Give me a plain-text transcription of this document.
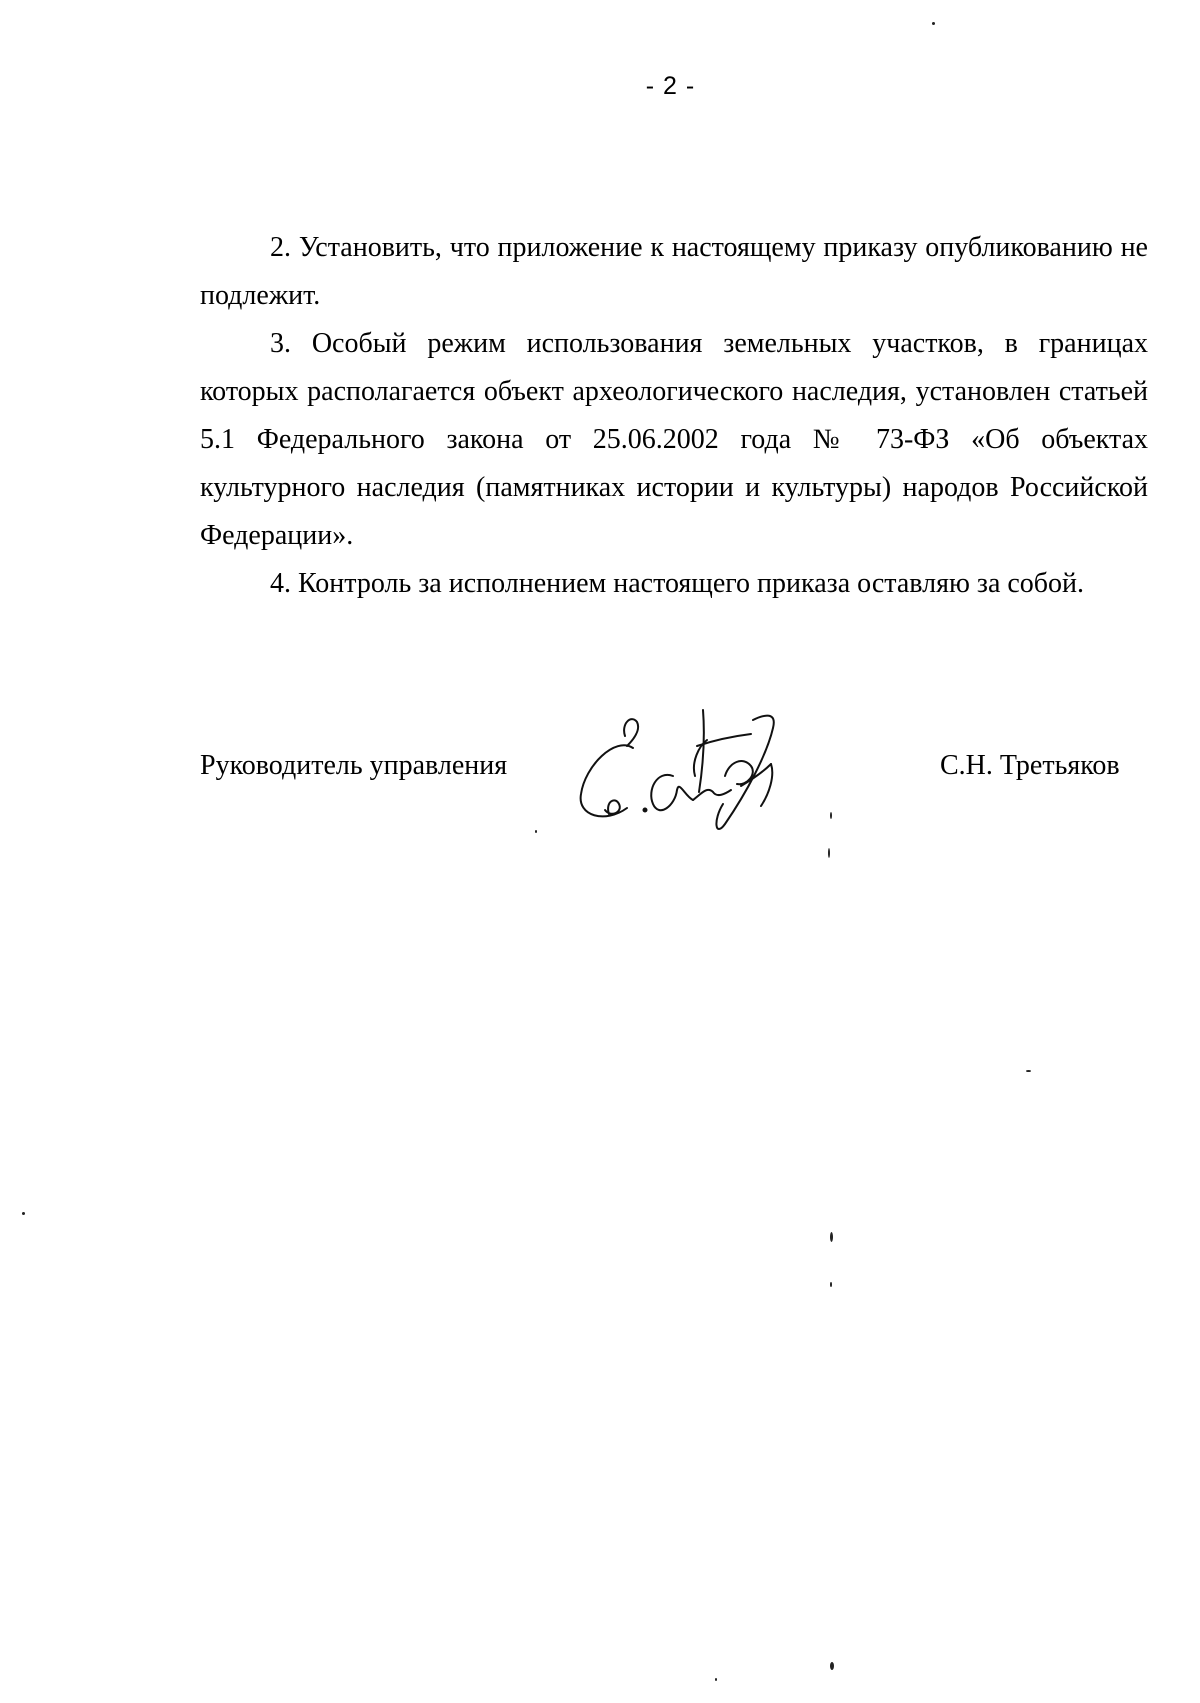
- 2 -

2. Установить, что приложение к настоящему приказу опубликованию не подлежит.

3. Особый режим использования земельных участков, в границах которых располагается объект археологического наследия, установлен статьей 5.1 Федерального закона от 25.06.2002 года № 73-ФЗ «Об объектах культурного наследия (памятниках истории и культуры) народов Российской Федерации».

4. Контроль за исполнением настоящего приказа оставляю за собой.

Руководитель управления	С.Н. Третьяков
